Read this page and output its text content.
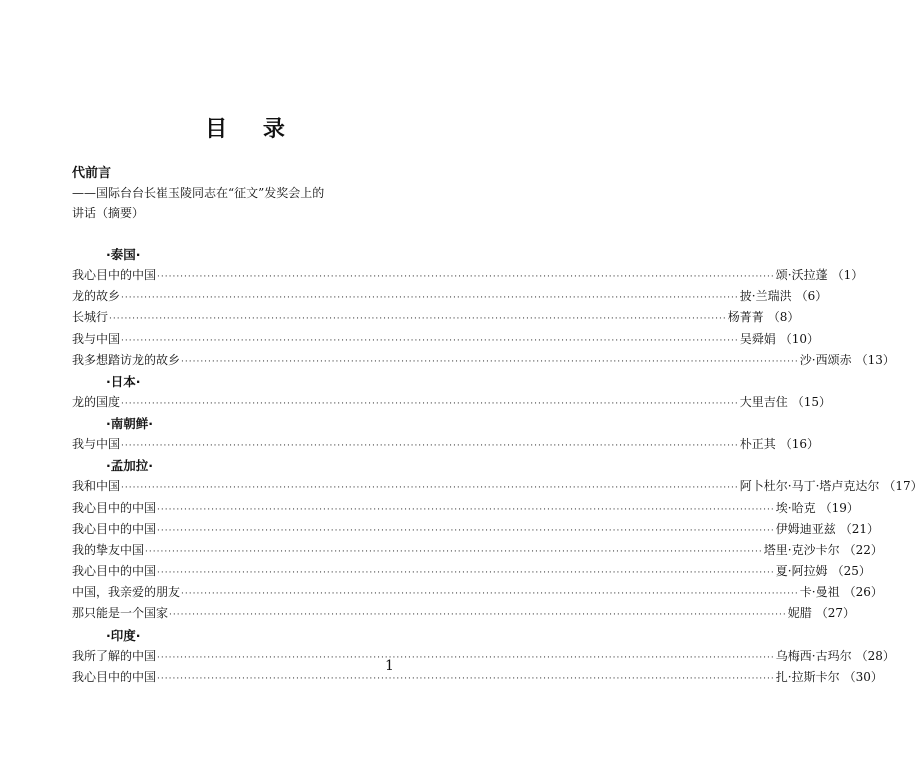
目 录
代前言
——国际台台长崔玉陵同志在“征文”发奖会上的
讲话（摘要）
·泰国·
我心目中的中国 ································································································································································ 颂·沃拉蓬 （1）
龙的故乡 ································································································································································ 披·兰瑞洪 （6）
长城行 ································································································································································ 杨菁菁 （8）
我与中国 ································································································································································ 吴舜娟 （10）
我多想踏访龙的故乡 ································································································································································ 沙·西颂赤 （13）
·日本·
龙的国度 ································································································································································ 大里吉住 （15）
·南朝鲜·
我与中国 ································································································································································ 朴正其 （16）
·孟加拉·
我和中国 ································································································································································ 阿卜杜尔·马丁·塔卢克达尔 （17）
我心目中的中国 ································································································································································ 埃·哈克 （19）
我心目中的中国 ································································································································································ 伊姆迪亚兹 （21）
我的挚友中国 ································································································································································ 塔里·克沙卡尔 （22）
我心目中的中国 ································································································································································ 夏·阿拉姆 （25）
中国，我亲爱的朋友 ································································································································································ 卡·曼祖 （26）
那只能是一个国家 ································································································································································ 妮腊 （27）
·印度·
我所了解的中国 ································································································································································ 乌梅西·古玛尔 （28）
我心目中的中国 ································································································································································ 扎·拉斯卡尔 （30）
1
